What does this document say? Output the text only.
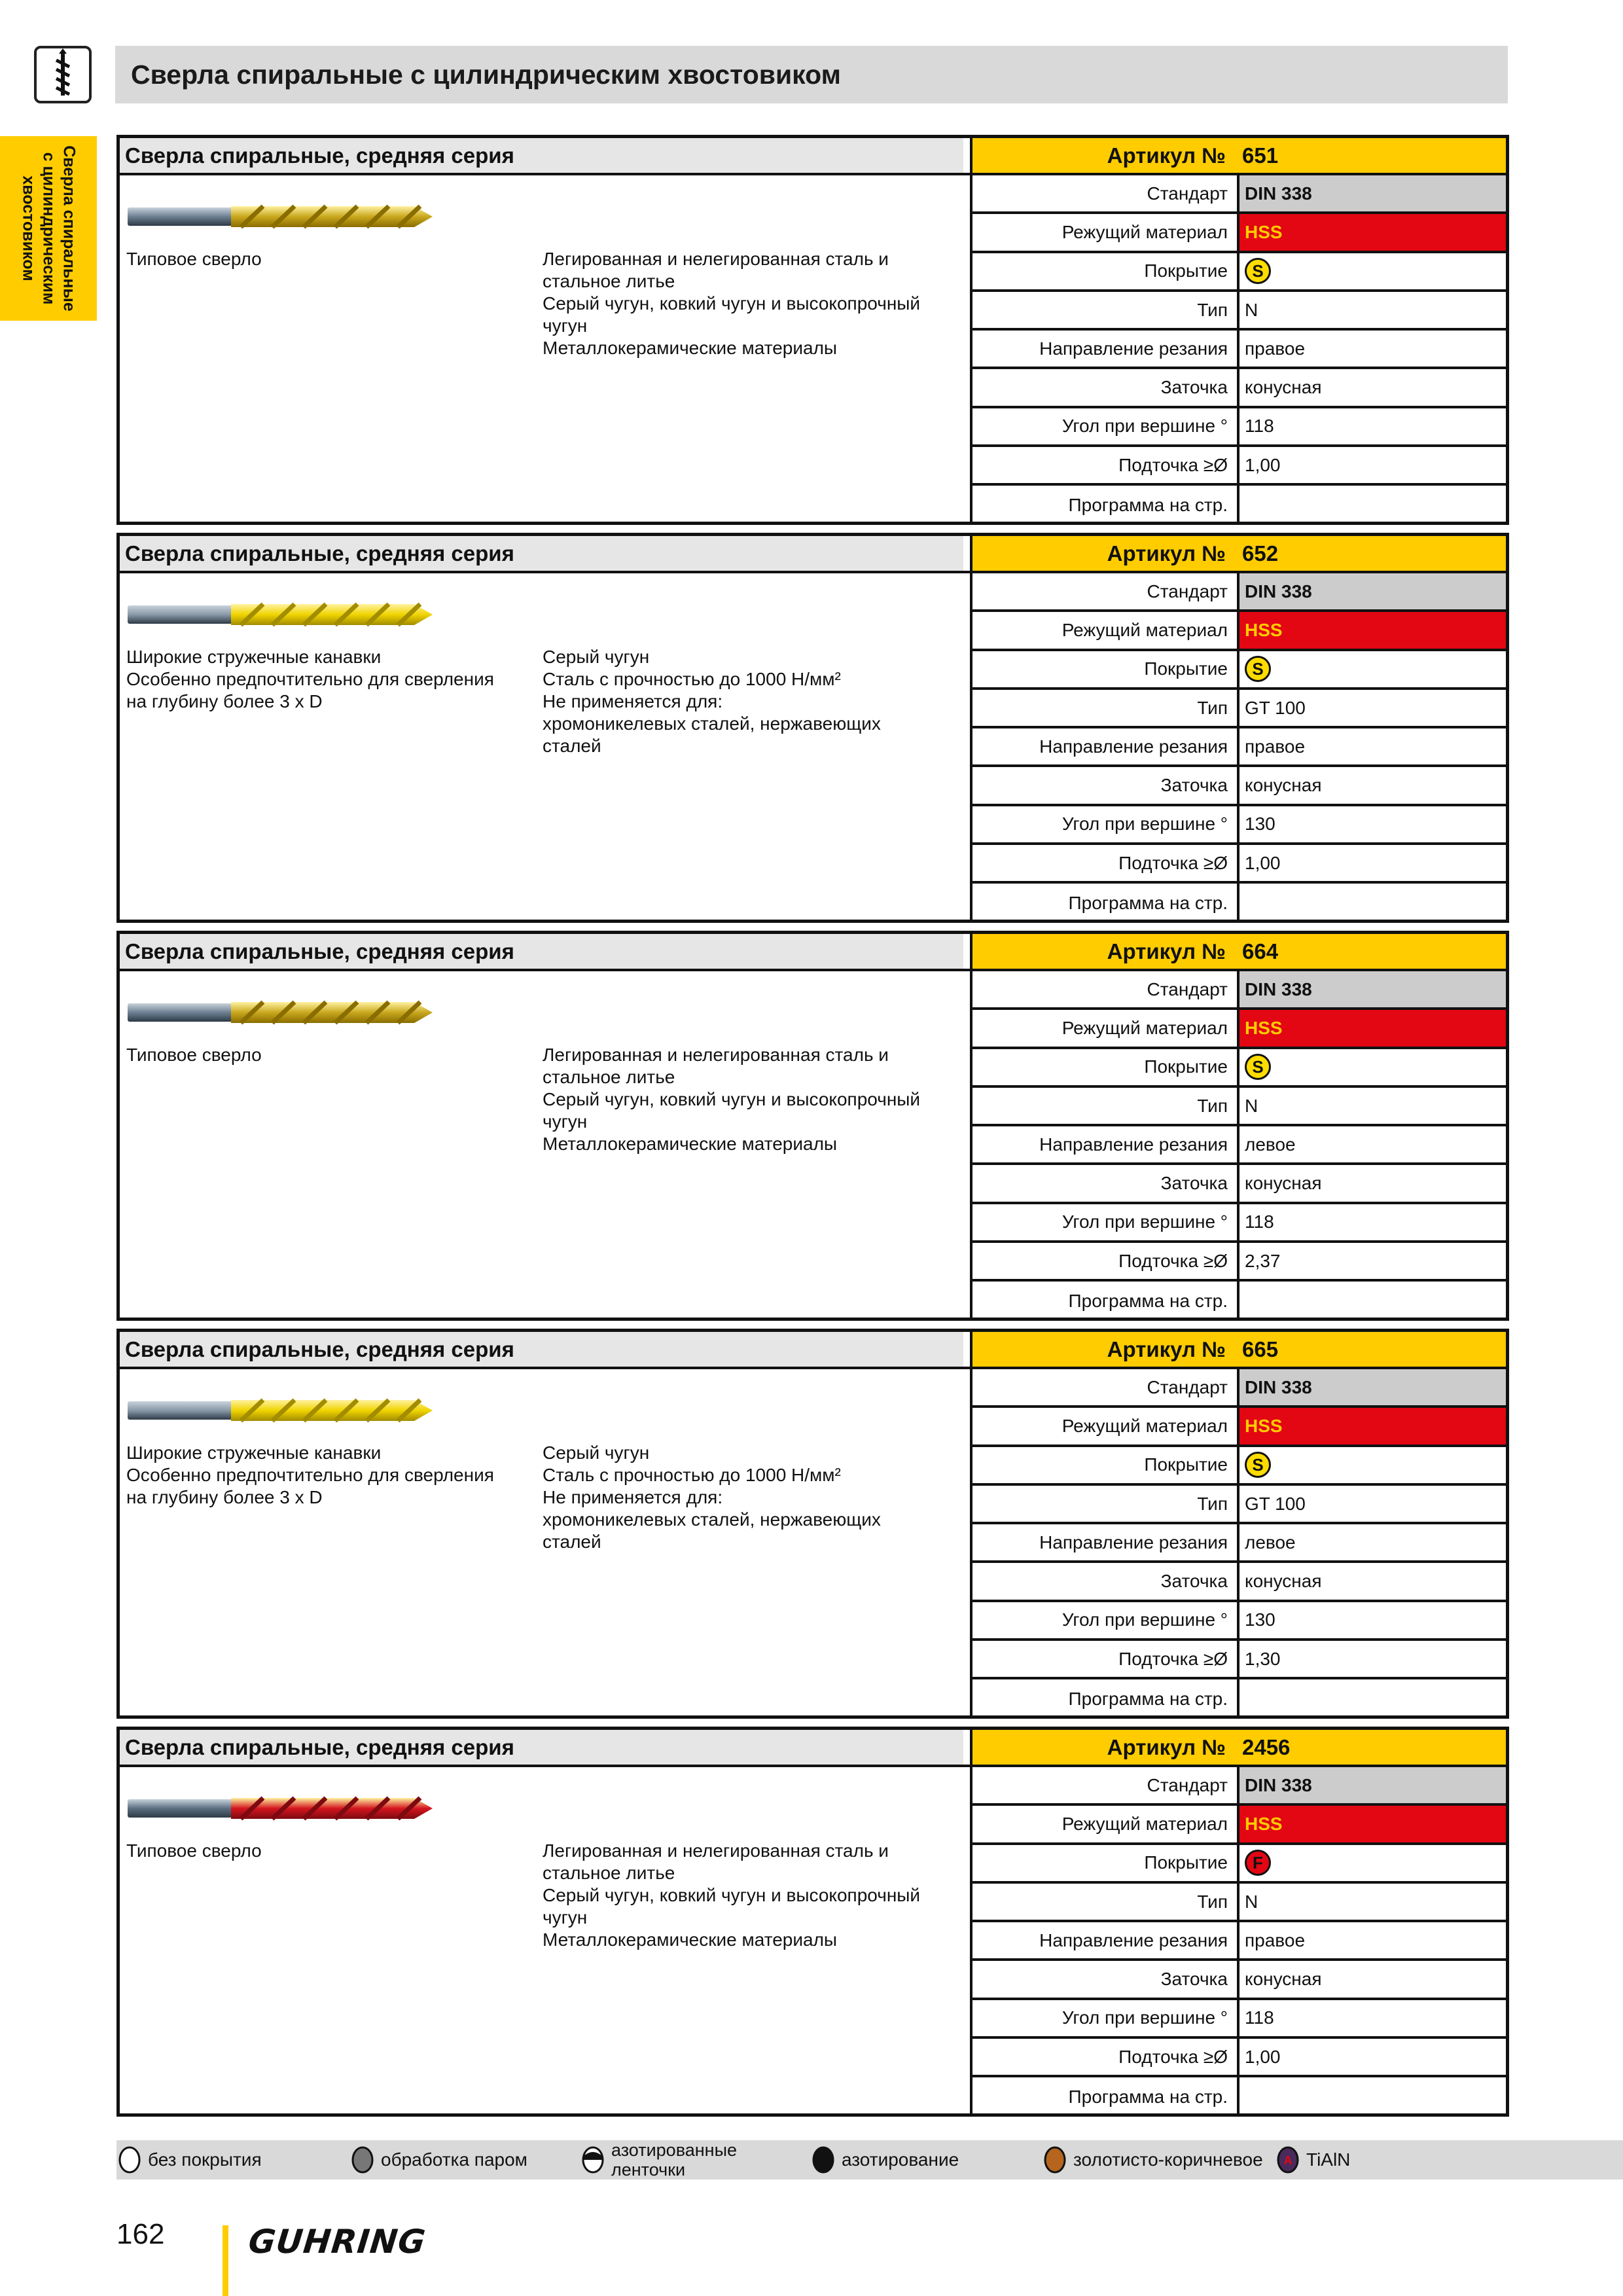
Сверла спиральные с цилиндрическим хвостовиком
Сверла спиральные с цилиндрическим хвостовиком
Сверла спиральные, средняя серия	Артикул № 651
Типовое сверло	Легированная и нелегированная сталь и
стальное литье
Серый чугун, ковкий чугун и высокопрочный
чугун
Металлокерамические материалы
Стандарт DIN 338
Режущий материал HSS
Покрытие	S
Тип N
Направление резания правое
Заточка конусная
Угол при вершине ° 118
Подточка ≥Ø 1,00
Программа на стр.
Сверла спиральные, средняя серия	Артикул № 652
Широкие стружечные канавки
Особенно предпочтительно для сверления
на глубину более 3 x D
Серый чугун
Сталь с прочностью до 1000 Н/мм²
Не применяется для:
хромоникелевых сталей, нержавеющих
сталей
Стандарт DIN 338
Режущий материал HSS
Покрытие	S
Тип GT 100
Направление резания правое
Заточка конусная
Угол при вершине ° 130
Подточка ≥Ø 1,00
Программа на стр.
Сверла спиральные, средняя серия	Артикул № 664
Типовое сверло	Легированная и нелегированная сталь и
стальное литье
Серый чугун, ковкий чугун и высокопрочный
чугун
Металлокерамические материалы
Стандарт DIN 338
Режущий материал HSS
Покрытие	S
Тип N
Направление резания левое
Заточка конусная
Угол при вершине ° 118
Подточка ≥Ø 2,37
Программа на стр.
Сверла спиральные, средняя серия	Артикул № 665
Широкие стружечные канавки
Особенно предпочтительно для сверления
на глубину более 3 x D
Серый чугун
Сталь с прочностью до 1000 Н/мм²
Не применяется для:
хромоникелевых сталей, нержавеющих
сталей
Стандарт DIN 338
Режущий материал HSS
Покрытие	S
Тип GT 100
Направление резания левое
Заточка конусная
Угол при вершине ° 130
Подточка ≥Ø 1,30
Программа на стр.
Сверла спиральные, средняя серия	Артикул № 2456
Типовое сверло	Легированная и нелегированная сталь и
стальное литье
Серый чугун, ковкий чугун и высокопрочный
чугун
Металлокерамические материалы
Стандарт DIN 338
Режущий материал HSS
Покрытие	F
Тип N
Направление резания правое
Заточка конусная
Угол при вершине ° 118
Подточка ≥Ø 1,00
Программа на стр.
без покрытия	обработка паром	азотированные ленточки	азотирование	золотисто-коричневое A TiAlN
162	GUHRING
